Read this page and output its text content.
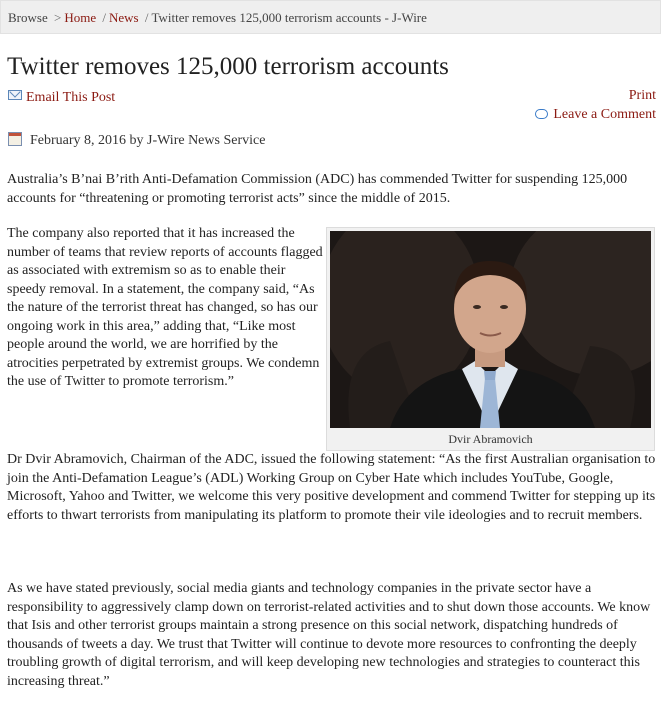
Browse > Home / News / Twitter removes 125,000 terrorism accounts - J-Wire
Twitter removes 125,000 terrorism accounts
Email This Post	Print
Leave a Comment
February 8, 2016 by J-Wire News Service

Australia’s B’nai B’rith Anti-Defamation Commission (ADC) has commended Twitter for suspending 125,000 accounts for “threatening or promoting terrorist acts” since the middle of 2015.

The company also reported that it has increased the number of teams that review reports of accounts flagged as associated with extremism so as to enable their speedy removal. In a statement, the company said, “As the nature of the terrorist threat has changed, so has our ongoing work in this area,” adding that, “Like most people around the world, we are horrified by the atrocities perpetrated by extremist groups. We condemn the use of Twitter to promote terrorism.”

Dvir Abramovich

Dr Dvir Abramovich, Chairman of the ADC, issued the following statement: “As the first Australian organisation to join the Anti-Defamation League’s (ADL) Working Group on Cyber Hate which includes YouTube, Google, Microsoft, Yahoo and Twitter, we welcome this very positive development and commend Twitter for stepping up its efforts to thwart terrorists from manipulating its platform to promote their vile ideologies and to recruit members.

As we have stated previously, social media giants and technology companies in the private sector have a responsibility to aggressively clamp down on terrorist-related activities and to shut down those accounts. We know that Isis and other terrorist groups maintain a strong presence on this social network, dispatching hundreds of thousands of tweets a day. We trust that Twitter will continue to devote more resources to confronting the deeply troubling growth of digital terrorism, and will keep developing new technologies and strategies to counteract this increasing threat.”
